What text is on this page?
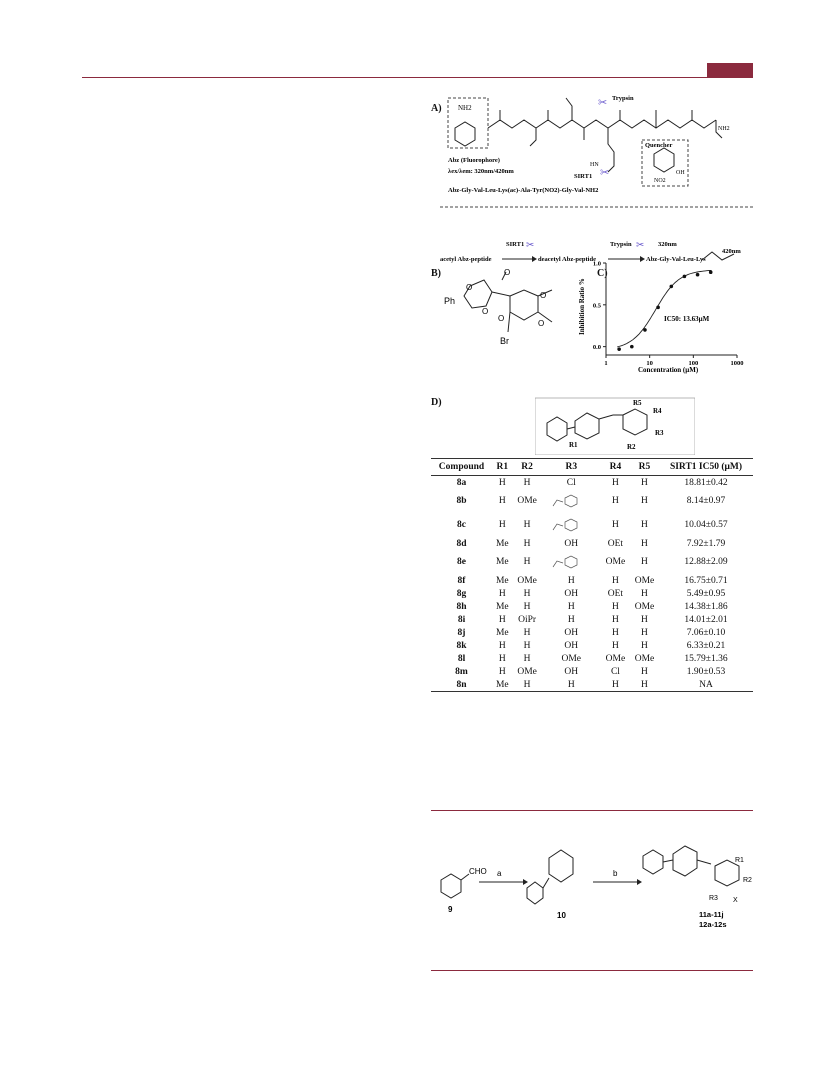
A) NH2
Trypsin
✂
SIRT1 ✂
HN
Quencher
NO2
OH
NH2
Abz (Fluorophore)
λex/λem: 320nm/420nm
Abz-Gly-Val-Leu-Lys(ac)-Ala-Tyr(NO2)-Gly-Val-NH2
acetyl Abz-peptide
SIRT1 ✂
deacetyl Abz-peptide
Trypsin ✂ 320nm
Abz-Gly-Val-Leu-Lys
420nm
B)
O
O
O
O
O
O
Ph
Br
C)
Inhibition Ratio %
Concentration (μM)
IC50: 13.63μM
0.0
0.5
1.0
1	10	100	1000
D)
R1	R2
R3
R4
R5
Compound	R1	R2	R3	R4	R5	SIRT1 IC50 (μM)
8a	H	H	Cl	H	H	18.81±0.42
8b	H	OMe		H	H	8.14±0.97
8c	H	H		H	H	10.04±0.57
8d	Me	H	OH	OEt	H	7.92±1.79
8e	Me	H		OMe	H	12.88±2.09
8f	Me	OMe	H	H	OMe	16.75±0.71
8g	H	H	OH	OEt	H	5.49±0.95
8h	Me	H	H	H	OMe	14.38±1.86
8i	H	OiPr	H	H	H	14.01±2.01
8j	Me	H	OH	H	H	7.06±0.10
8k	H	H	OH	H	H	6.33±0.21
8l	H	H	OMe	OMe	OMe	15.79±1.36
8m	H	OMe	OH	Cl	H	1.90±0.53
8n	Me	H	H	H	H	NA
CHO
9
a
10
b
R1
R2
R3 X
11a-11j
12a-12s
